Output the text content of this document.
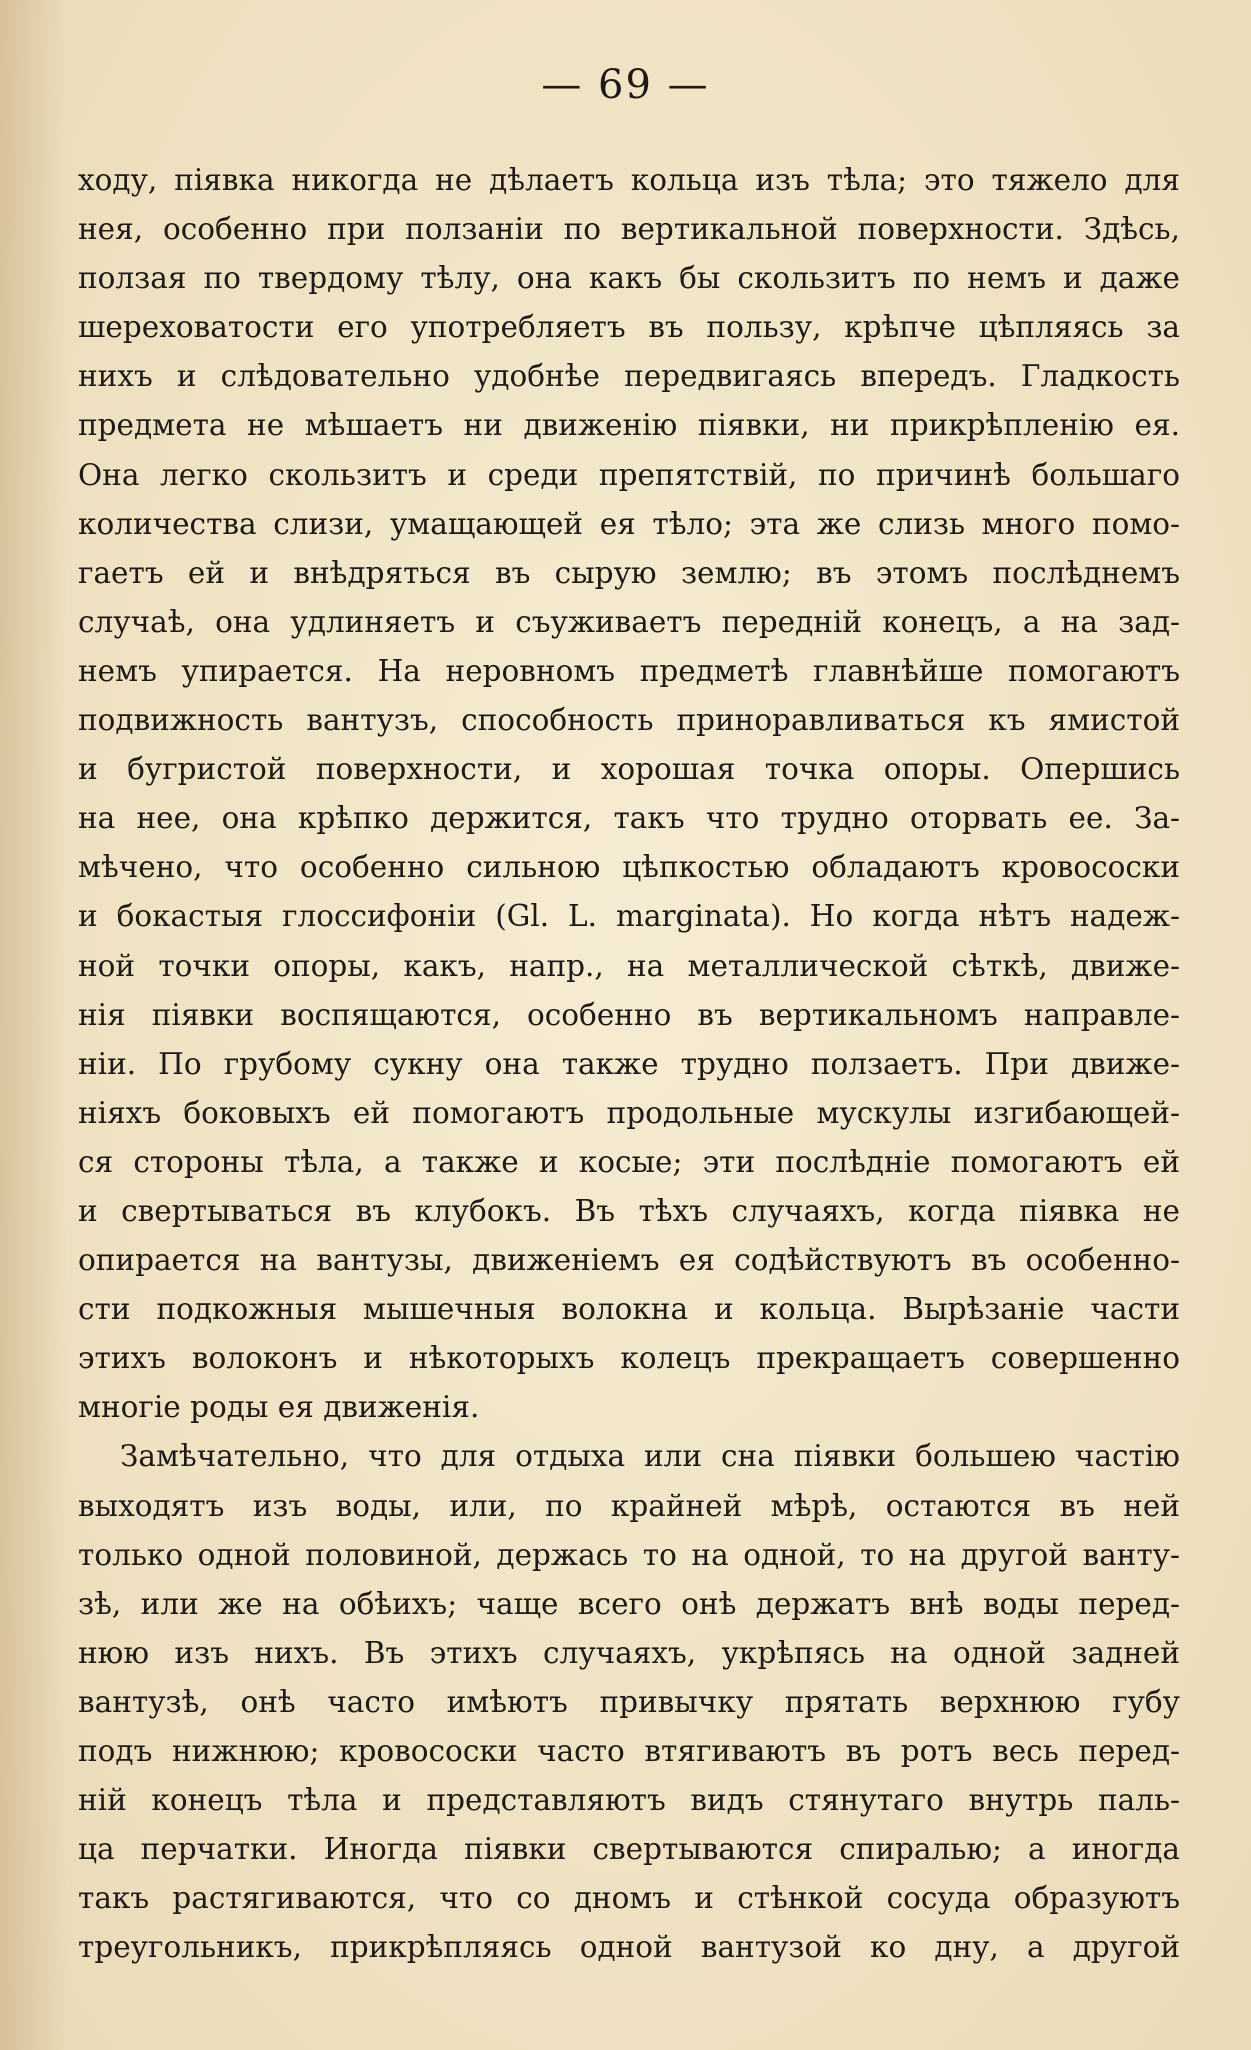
— 69 —
ходу, піявка никогда не дѣлаетъ кольца изъ тѣла; это тяжело для
нея, особенно при ползаніи по вертикальной поверхности. Здѣсь,
ползая по твердому тѣлу, она какъ бы скользитъ по немъ и даже
шереховатости его употребляетъ въ пользу, крѣпче цѣпляясь за
нихъ и слѣдовательно удобнѣе передвигаясь впередъ. Гладкость
предмета не мѣшаетъ ни движенію піявки, ни прикрѣпленію ея.
Она легко скользитъ и среди препятствій, по причинѣ большаго
количества слизи, умащающей ея тѣло; эта же слизь много помо-
гаетъ ей и внѣдряться въ сырую землю; въ этомъ послѣднемъ
случаѣ, она удлиняетъ и съуживаетъ передній конецъ, а на зад-
немъ упирается. На неровномъ предметѣ главнѣйше помогаютъ
подвижность вантузъ, способность приноравливаться къ ямистой
и бугристой поверхности, и хорошая точка опоры. Опершись
на нее, она крѣпко держится, такъ что трудно оторвать ее. За-
мѣчено, что особенно сильною цѣпкостью обладаютъ кровососки
и бокастыя глоссифоніи (Gl. L. marginata). Но когда нѣтъ надеж-
ной точки опоры, какъ, напр., на металлической сѣткѣ, движе-
нія піявки воспящаются, особенно въ вертикальномъ направле-
ніи. По грубому сукну она также трудно ползаетъ. При движе-
ніяхъ боковыхъ ей помогаютъ продольные мускулы изгибающей-
ся стороны тѣла, а также и косые; эти послѣдніе помогаютъ ей
и свертываться въ клубокъ. Въ тѣхъ случаяхъ, когда піявка не
опирается на вантузы, движеніемъ ея содѣйствуютъ въ особенно-
сти подкожныя мышечныя волокна и кольца. Вырѣзаніе части
этихъ волоконъ и нѣкоторыхъ колецъ прекращаетъ совершенно
многіе роды ея движенія.
Замѣчательно, что для отдыха или сна піявки большею частію
выходятъ изъ воды, или, по крайней мѣрѣ, остаются въ ней
только одной половиной, держась то на одной, то на другой ванту-
зѣ, или же на обѣихъ; чаще всего онѣ держатъ внѣ воды перед-
нюю изъ нихъ. Въ этихъ случаяхъ, укрѣпясь на одной задней
вантузѣ, онѣ часто имѣютъ привычку прятать верхнюю губу
подъ нижнюю; кровососки часто втягиваютъ въ ротъ весь перед-
ній конецъ тѣла и представляютъ видъ стянутаго внутрь паль-
ца перчатки. Иногда піявки свертываются спиралью; а иногда
такъ растягиваются, что со дномъ и стѣнкой сосуда образуютъ
треугольникъ, прикрѣпляясь одной вантузой ко дну, а другой
